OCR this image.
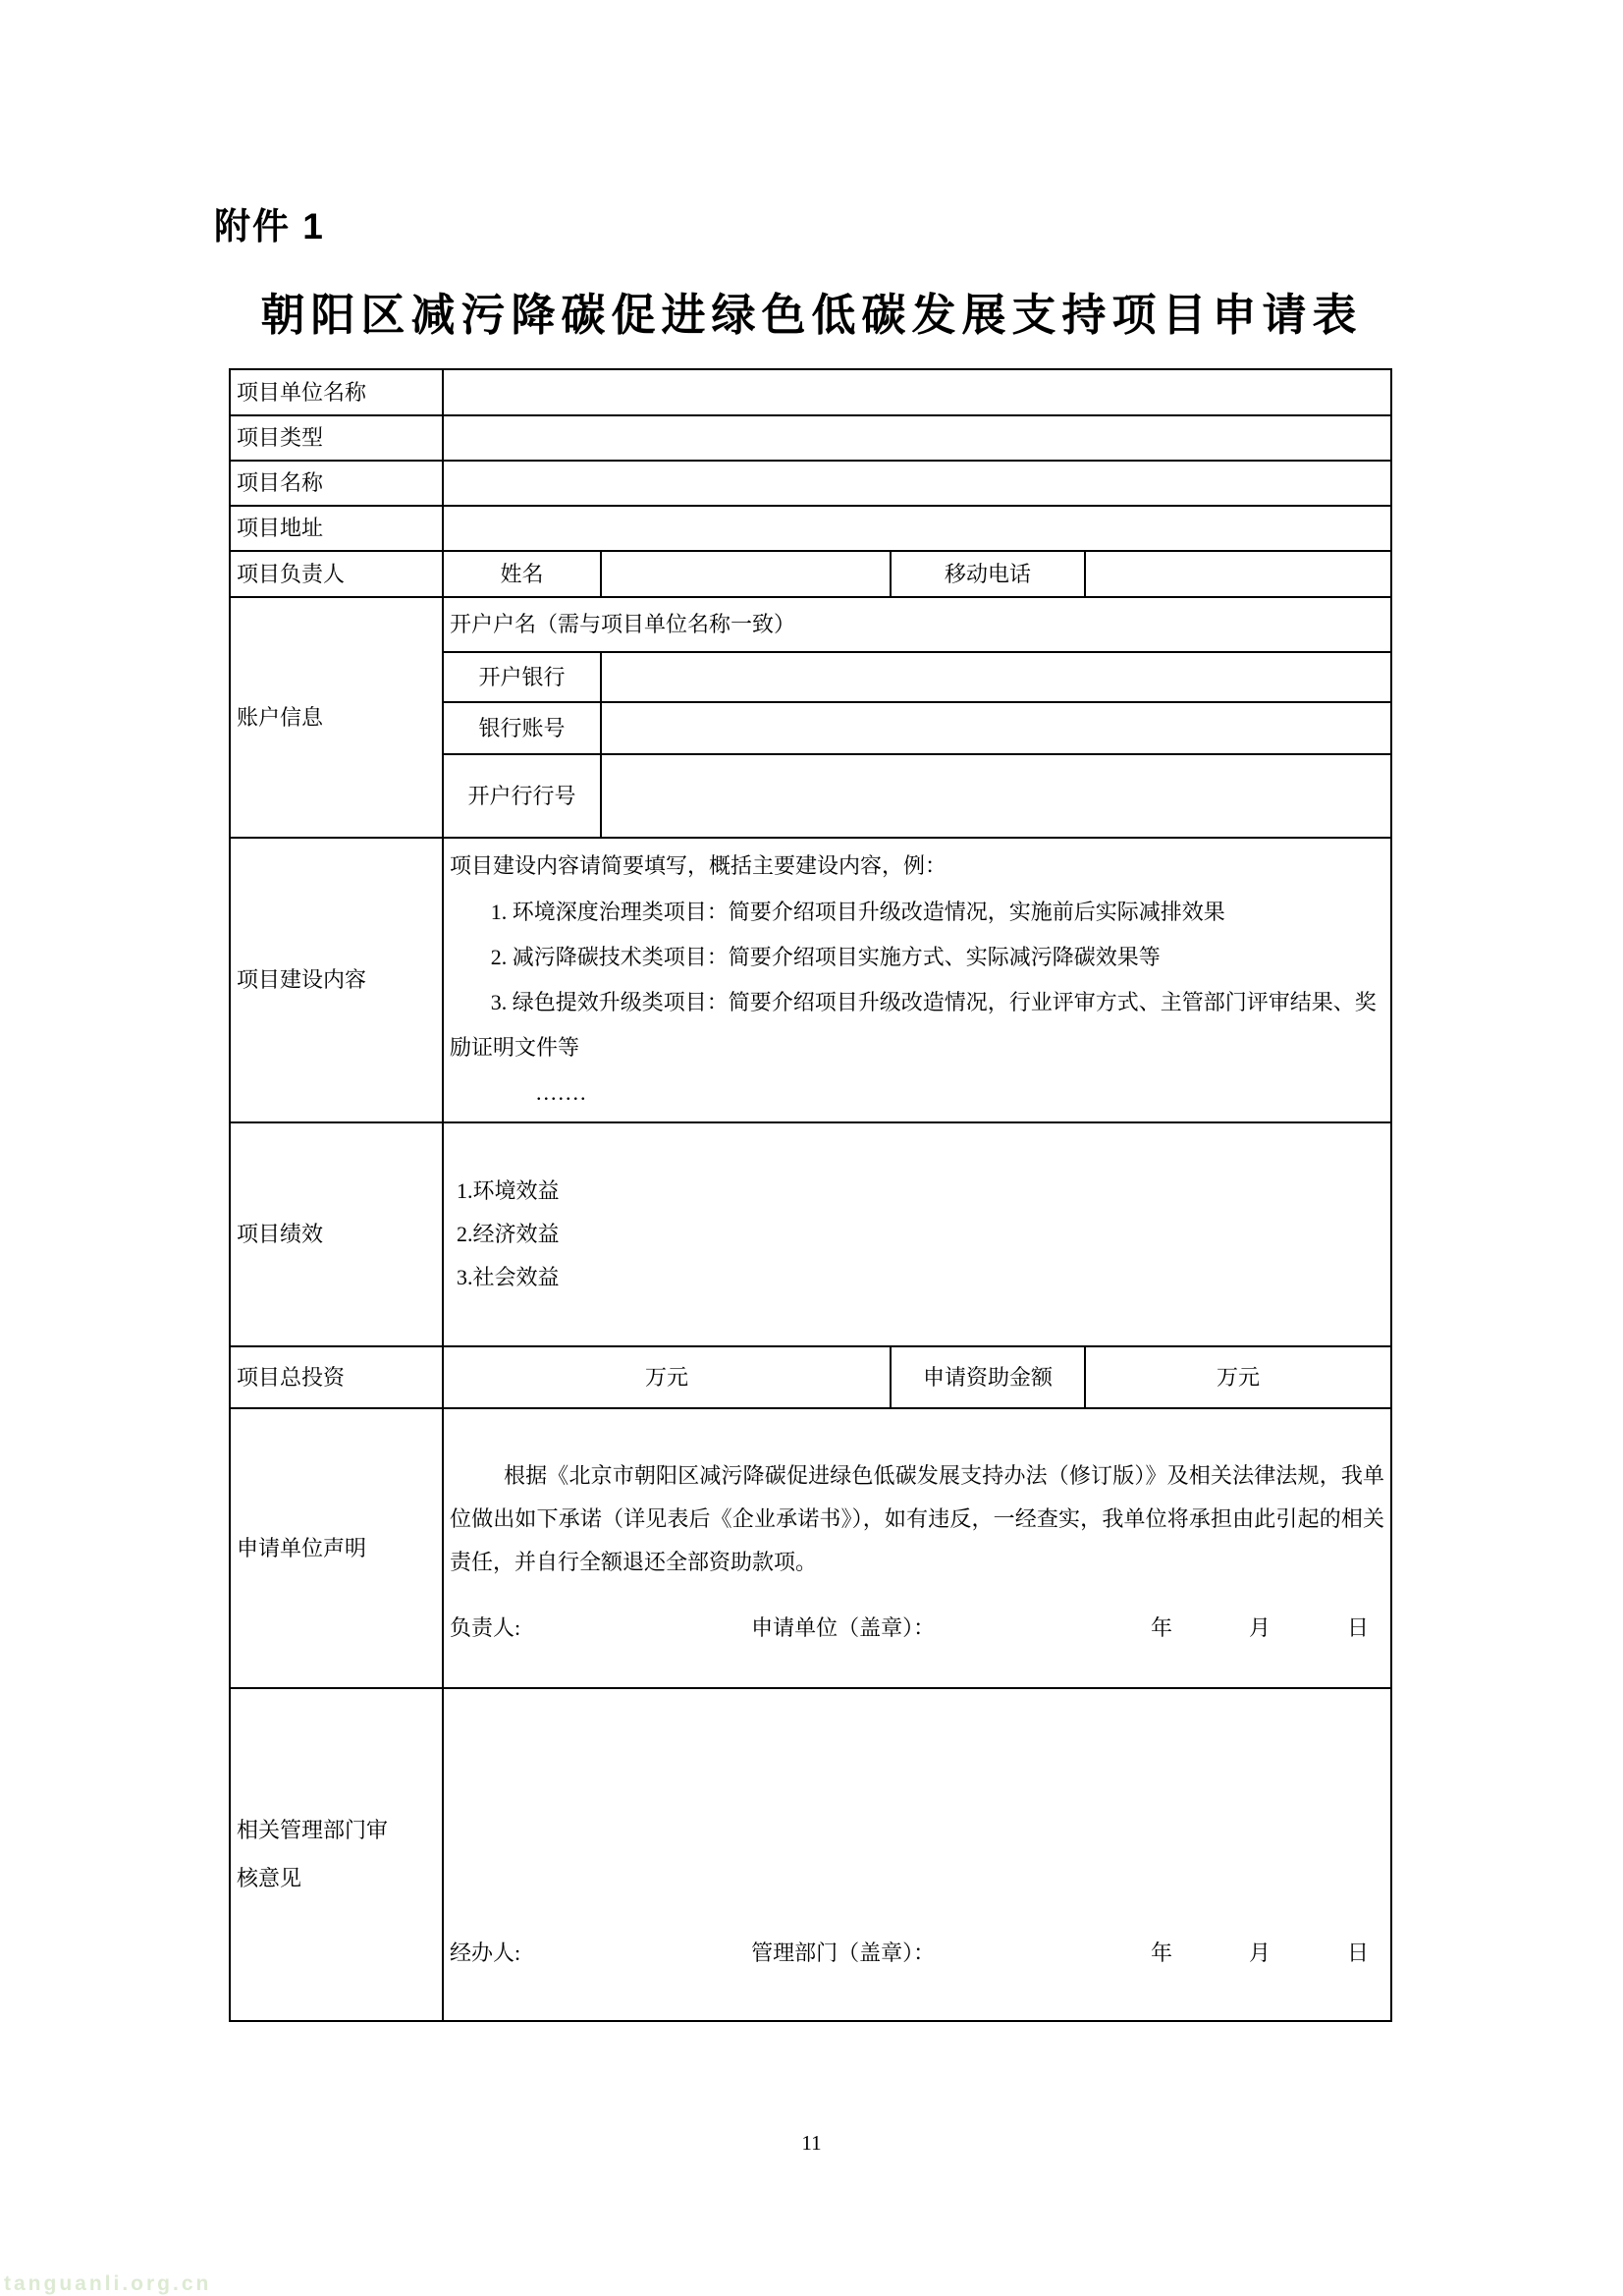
附件 1
朝阳区减污降碳促进绿色低碳发展支持项目申请表
项目单位名称				
项目类型				
项目名称				
项目地址				
项目负责人	姓名		移动电话	
账户信息	开户户名（需与项目单位名称一致）			
	开户银行			
	银行账号			
	开户行行号			
项目建设内容	项目建设内容请简要填写，概括主要建设内容，例：

1. 环境深度治理类项目：简要介绍项目升级改造情况，实施前后实际减排效果

2. 减污降碳技术类项目：简要介绍项目实施方式、实际减污降碳效果等

3. 绿色提效升级类项目：简要介绍项目升级改造情况，行业评审方式、主管部门评审结果、奖励证明文件等

.......			

项目绩效	1.环境效益
2.经济效益
3.社会效益			

项目总投资	万元		申请资助金额	万元
申请单位声明	

根据《北京市朝阳区减污降碳促进绿色低碳发展支持办法（修订版）》及相关法律法规，我单位做出如下承诺（详见表后《企业承诺书》），如有违反，一经查实，我单位将承担由此引起的相关责任，并自行全额退还全部资助款项。

负责人:	申请单位（盖章）：	年	月	日

相关管理部门审核意见	经办人: 管理部门（盖章）： 年 月 日			
11
tanguanli.org.cn
